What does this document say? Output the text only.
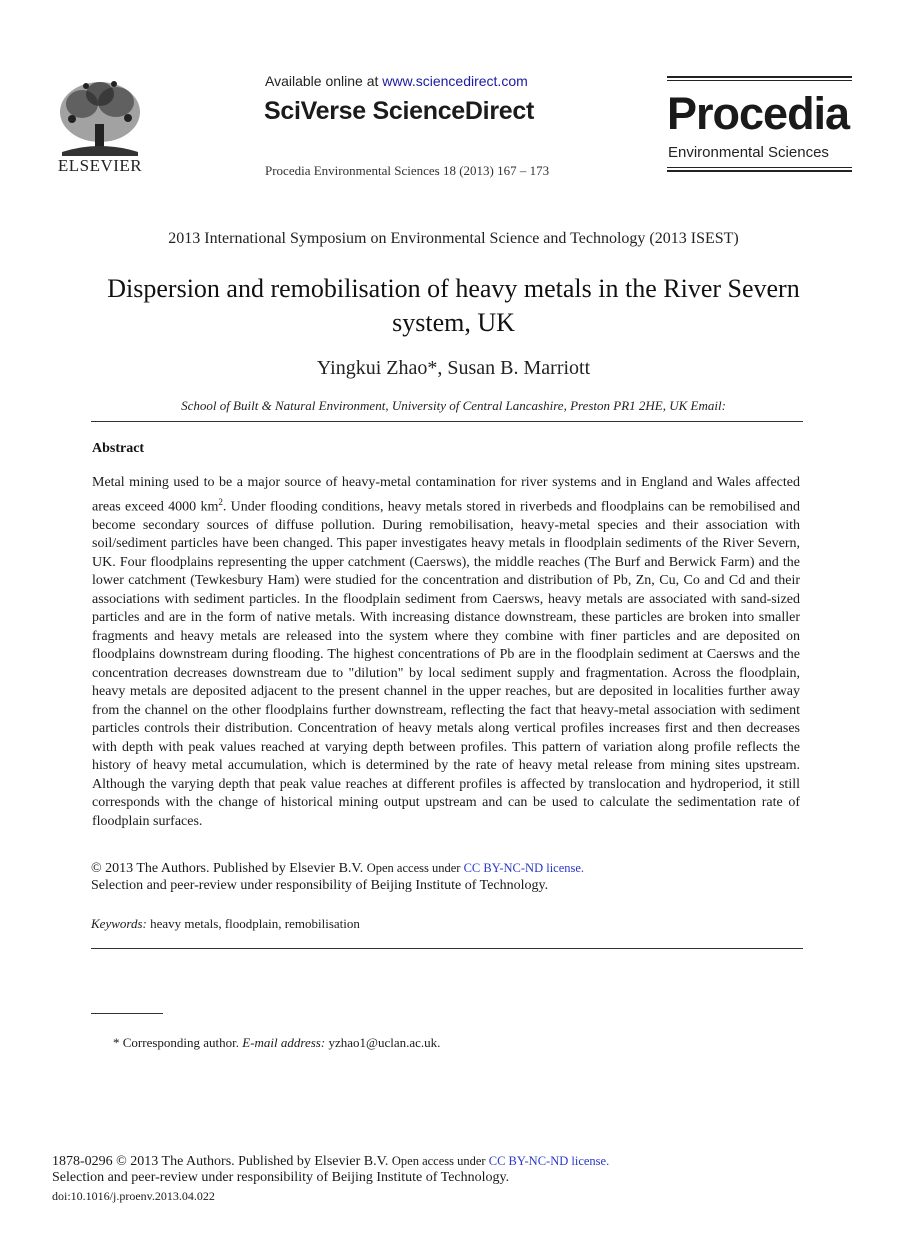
ELSEVIER
Available online at www.sciencedirect.com
SciVerse ScienceDirect
Procedia Environmental Sciences 18 (2013) 167 – 173
Procedia
Environmental Sciences
2013 International Symposium on Environmental Science and Technology (2013 ISEST)
Dispersion and remobilisation of heavy metals in the River Severn system, UK
Yingkui Zhao*, Susan B. Marriott
School of Built & Natural Environment, University of Central Lancashire, Preston PR1 2HE, UK Email:
Abstract
Metal mining used to be a major source of heavy-metal contamination for river systems and in England and Wales affected areas exceed 4000 $km^2$. Under flooding conditions, heavy metals stored in riverbeds and floodplains can be remobilised and become secondary sources of diffuse pollution. During remobilisation, heavy-metal species and their association with soil/sediment particles have been changed. This paper investigates heavy metals in floodplain sediments of the River Severn, UK. Four floodplains representing the upper catchment (Caersws), the middle reaches (The Burf and Berwick Farm) and the lower catchment (Tewkesbury Ham) were studied for the concentration and distribution of Pb, Zn, Cu, Co and Cd and their associations with sediment particles. In the floodplain sediment from Caersws, heavy metals are associated with sand-sized particles and are in the form of native metals. With increasing distance downstream, these particles are broken into smaller fragments and heavy metals are released into the system where they combine with finer particles and are deposited on floodplains downstream during flooding. The highest concentrations of Pb are in the floodplain sediment at Caersws and the concentration decreases downstream due to "dilution" by local sediment supply and fragmentation. Across the floodplain, heavy metals are deposited adjacent to the present channel in the upper reaches, but are deposited in localities further away from the channel on the other floodplains further downstream, reflecting the fact that heavy-metal association with sediment particles controls their distribution. Concentration of heavy metals along vertical profiles increases first and then decreases with depth with peak values reached at varying depth between profiles. This pattern of variation along profile reflects the history of heavy metal accumulation, which is determined by the rate of heavy metal release from mining sites upstream. Although the varying depth that peak value reaches at different profiles is affected by translocation and hydroperiod, it still corresponds with the change of historical mining output upstream and can be used to calculate the sedimentation rate of floodplain surfaces.
© 2013 The Authors. Published by Elsevier B.V. Open access under CC BY-NC-ND license.
Selection and peer-review under responsibility of Beijing Institute of Technology.
Keywords: heavy metals, floodplain, remobilisation
* Corresponding author. E-mail address: yzhao1@uclan.ac.uk.
1878-0296 © 2013 The Authors. Published by Elsevier B.V. Open access under CC BY-NC-ND license.
Selection and peer-review under responsibility of Beijing Institute of Technology.
doi:10.1016/j.proenv.2013.04.022
